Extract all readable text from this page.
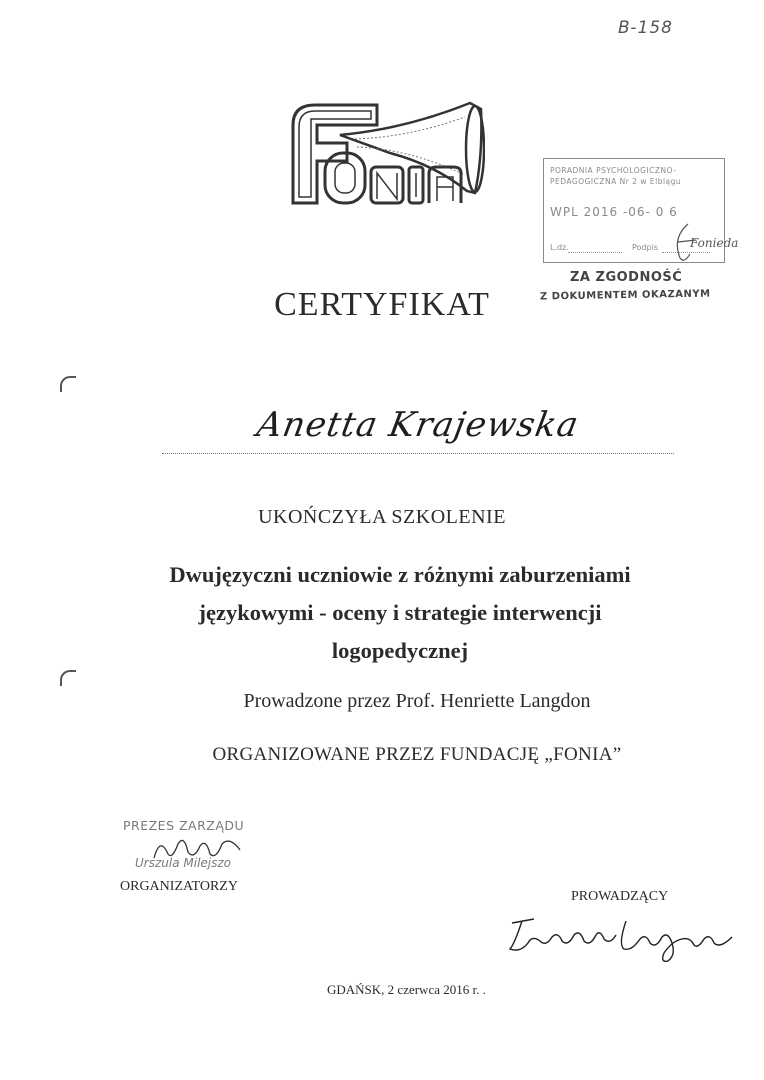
B-158
PORADNIA PSYCHOLOGICZNO-
PEDAGOGICZNA Nr 2 w Elblągu
WPL 2016 -06- 0 6
L.dz.	Podpis	Fonieda
ZA ZGODNOŚĆ
Z DOKUMENTEM OKAZANYM
CERTYFIKAT
Anetta Krajewska
UKOŃCZYŁA SZKOLENIE
Dwujęzyczni uczniowie z różnymi zaburzeniami
językowymi - oceny i strategie interwencji
logopedycznej
Prowadzone przez Prof. Henriette Langdon
ORGANIZOWANE PRZEZ FUNDACJĘ „FONIA”
PREZES ZARZĄDU
Urszula Milejszo
ORGANIZATORZY
PROWADZĄCY
GDAŃSK, 2 czerwca 2016 r. .
